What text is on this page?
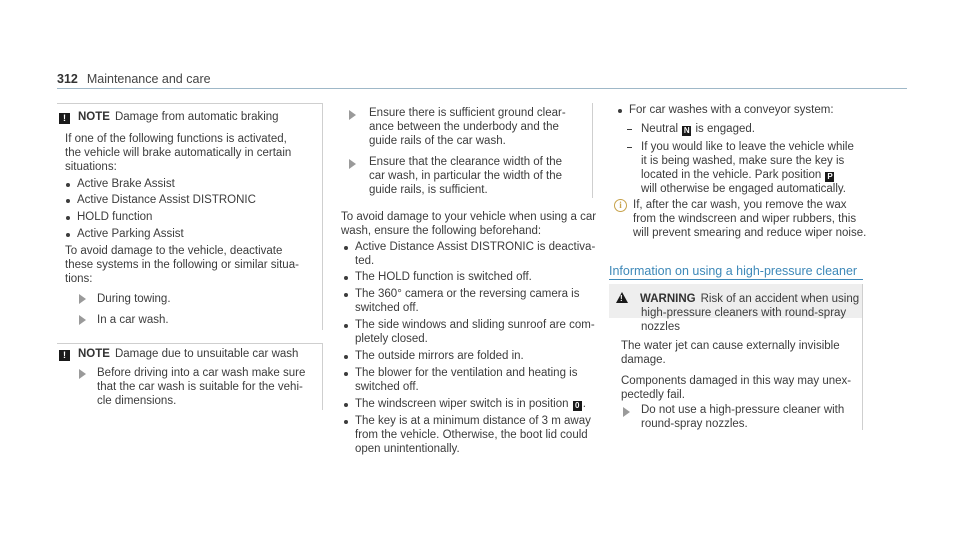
312 Maintenance and care
! NOTE Damage from automatic braking
If one of the following functions is activated,
the vehicle will brake automatically in certain
situations:
Active Brake Assist
Active Distance Assist DISTRONIC
HOLD function
Active Parking Assist
To avoid damage to the vehicle, deactivate
these systems in the following or similar situa-
tions:
During towing.
In a car wash.
! NOTE Damage due to unsuitable car wash
Before driving into a car wash make sure
that the car wash is suitable for the vehi-
cle dimensions.
Ensure there is sufficient ground clear-
ance between the underbody and the
guide rails of the car wash.
Ensure that the clearance width of the
car wash, in particular the width of the
guide rails, is sufficient.
To avoid damage to your vehicle when using a car
wash, ensure the following beforehand:
Active Distance Assist DISTRONIC is deactiva-
ted.
The HOLD function is switched off.
The 360° camera or the reversing camera is
switched off.
The side windows and sliding sunroof are com-
pletely closed.
The outside mirrors are folded in.
The blower for the ventilation and heating is
switched off.
The windscreen wiper switch is in position 0 .
The key is at a minimum distance of 3 m away
from the vehicle. Otherwise, the boot lid could
open unintentionally.
For car washes with a conveyor system:
Neutral N is engaged.
If you would like to leave the vehicle while
it is being washed, make sure the key is
located in the vehicle. Park position P
will otherwise be engaged automatically.
i If, after the car wash, you remove the wax
from the windscreen and wiper rubbers, this
will prevent smearing and reduce wiper noise.
Information on using a high-pressure cleaner
! WARNING Risk of an accident when using
high-pressure cleaners with round-spray
nozzles
The water jet can cause externally invisible
damage.
Components damaged in this way may unex-
pectedly fail.
Do not use a high-pressure cleaner with
round-spray nozzles.
